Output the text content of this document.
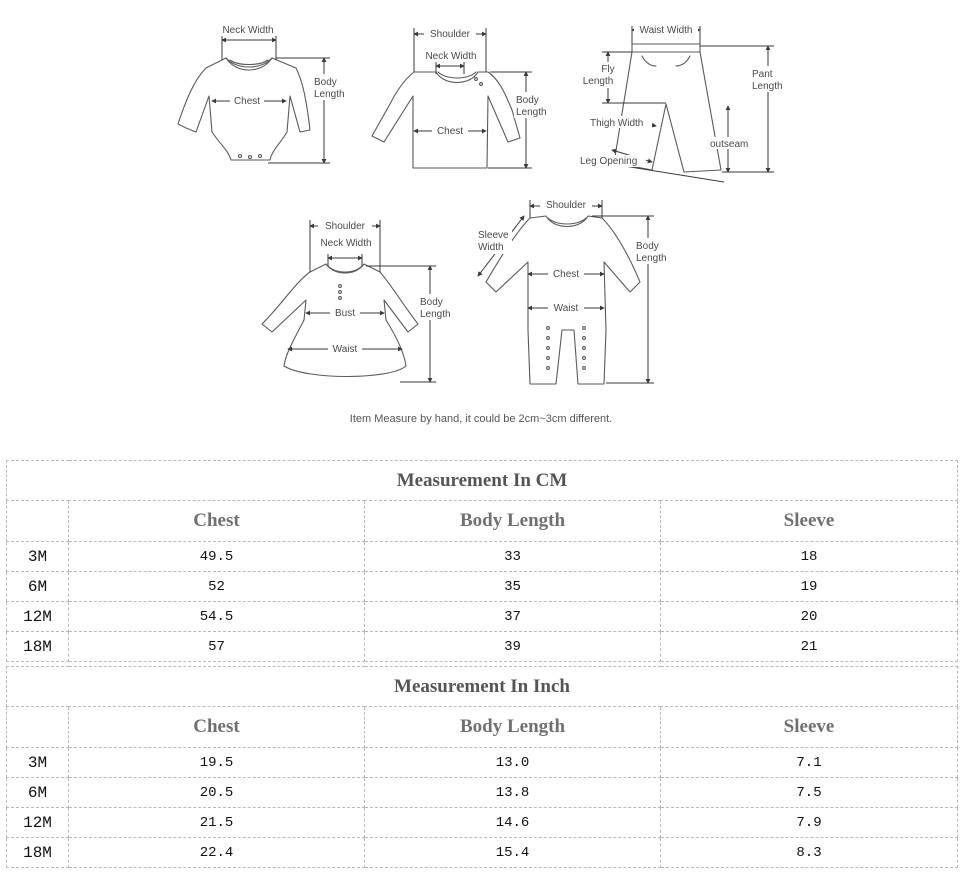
Neck Width
Chest
Body
Length
Shoulder
Neck Width
Chest
Body
Length
Waist Width
Fly
Length
Pant
Length
Thigh Width
outseam
Leg Opening
Shoulder
Neck Width
Bust
Waist
Body
Length
Shoulder
Sleeve
Width
Chest
Waist
Body
Length
Item Measure by hand, it could be 2cm~3cm different.
Measurement In CM			
	Chest	Body Length	Sleeve
3M	49.5	33	18
6M	52	35	19
12M	54.5	37	20
18M	57	39	21
Measurement In Inch			
	Chest	Body Length	Sleeve
3M	19.5	13.0	7.1
6M	20.5	13.8	7.5
12M	21.5	14.6	7.9
18M	22.4	15.4	8.3
